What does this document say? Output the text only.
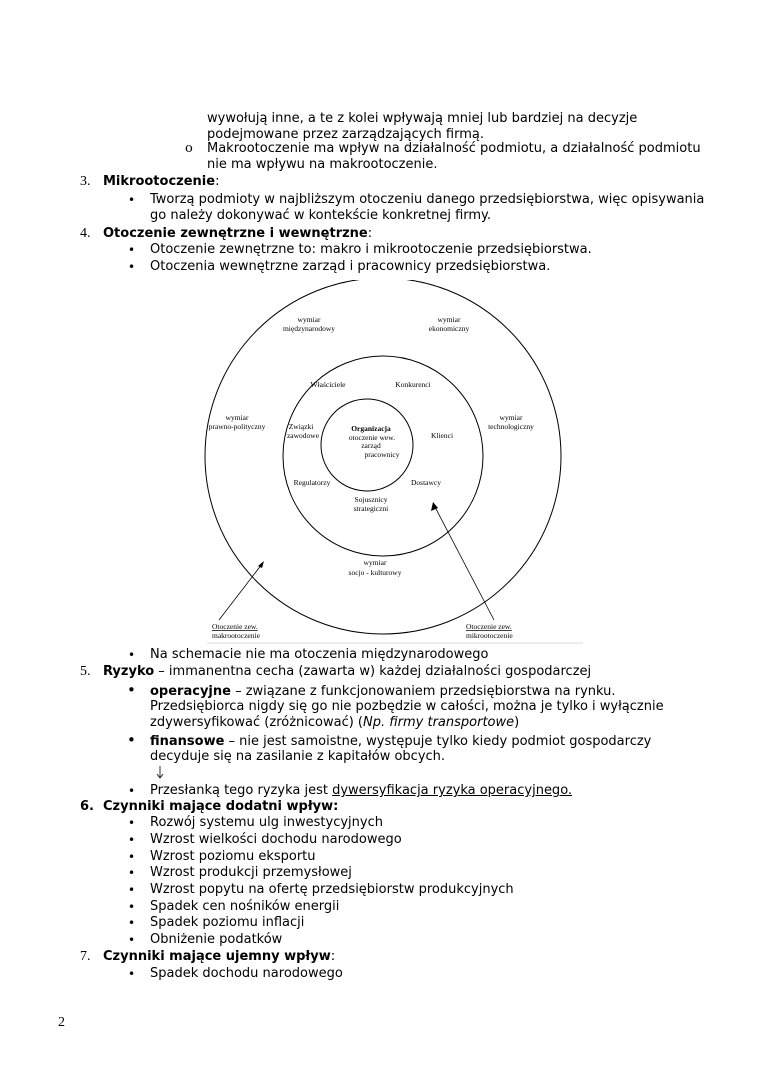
wywołują inne, a te z kolei wpływają mniej lub bardziej na decyzje
podejmowane przez zarządzających firmą.
o Makrootoczenie ma wpływ na działalność podmiotu, a działalność podmiotu
nie ma wpływu na makrootoczenie.
3. Mikrootoczenie:
• Tworzą podmioty w najbliższym otoczeniu danego przedsiębiorstwa, więc opisywania
go należy dokonywać w kontekście konkretnej firmy.
4. Otoczenie zewnętrzne i wewnętrzne:
• Otoczenie zewnętrzne to: makro i mikrootoczenie przedsiębiorstwa.
• Otoczenia wewnętrzne zarząd i pracownicy przedsiębiorstwa.
wymiar
międzynarodowy
wymiar
ekonomiczny
wymiar
prawno-polityczny
wymiar
technologiczny
wymiar
socjo - kulturowy
Właściciele	Konkurenci
Związki
zawodowe	Klienci
Regulatorzy	Dostawcy
Sojusznicy
strategiczni
Organizacja
otoczenie wew.
zarząd
pracownicy
Otoczenie zew.
makrootoczenie
Otoczenie zew.
mikrootoczenie
• Na schemacie nie ma otoczenia międzynarodowego
5. Ryzyko – immanentna cecha (zawarta w) każdej działalności gospodarczej
• operacyjne – związane z funkcjonowaniem przedsiębiorstwa na rynku.
Przedsiębiorca nigdy się go nie pozbędzie w całości, można je tylko i wyłącznie
zdywersyfikować (zróżnicować) (Np. firmy transportowe)
• finansowe – nie jest samoistne, występuje tylko kiedy podmiot gospodarczy
decyduje się na zasilanie z kapitałów obcych.
• Przesłanką tego ryzyka jest dywersyfikacja ryzyka operacyjnego.
6. Czynniki mające dodatni wpływ:
• Rozwój systemu ulg inwestycyjnych
• Wzrost wielkości dochodu narodowego
• Wzrost poziomu eksportu
• Wzrost produkcji przemysłowej
• Wzrost popytu na ofertę przedsiębiorstw produkcyjnych
• Spadek cen nośników energii
• Spadek poziomu inflacji
• Obniżenie podatków
7. Czynniki mające ujemny wpływ:
• Spadek dochodu narodowego
2
